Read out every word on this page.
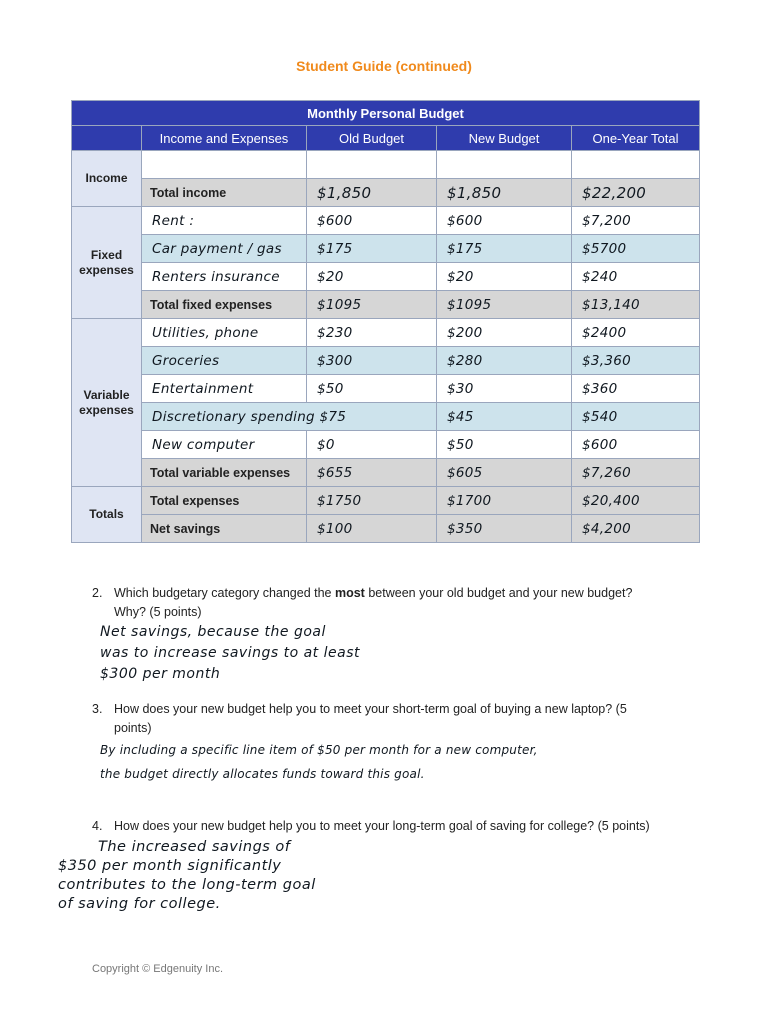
Student Guide (continued)
Monthly Personal Budget				
	Income and Expenses	Old Budget	New Budget	One-Year Total
Income				
	Total income	$1,850	$1,850	$22,200
Fixed expenses	Rent :	$600	$600	$7,200
	Car payment / gas	$175	$175	$5700
	Renters insurance	$20	$20	$240
	Total fixed expenses	$1095	$1095	$13,140
Variable expenses	Utilities, phone	$230	$200	$2400
	Groceries	$300	$280	$3,360
	Entertainment	$50	$30	$360
	Discretionary spending $75		$45	$540
	New computer	$0	$50	$600
	Total variable expenses	$655	$605	$7,260
Totals	Total expenses	$1750	$1700	$20,400
	Net savings	$100	$350	$4,200
2. Which budgetary category changed the most between your old budget and your new budget?
Why? (5 points)
Net savings, because the goal
was to increase savings to at least
$300 per month
3. How does your new budget help you to meet your short-term goal of buying a new laptop? (5
points)
By including a specific line item of $50 per month for a new computer,
the budget directly allocates funds toward this goal.
4. How does your new budget help you to meet your long-term goal of saving for college? (5 points)
The increased savings of
$350 per month significantly
contributes to the long-term goal
of saving for college.
Copyright © Edgenuity Inc.
